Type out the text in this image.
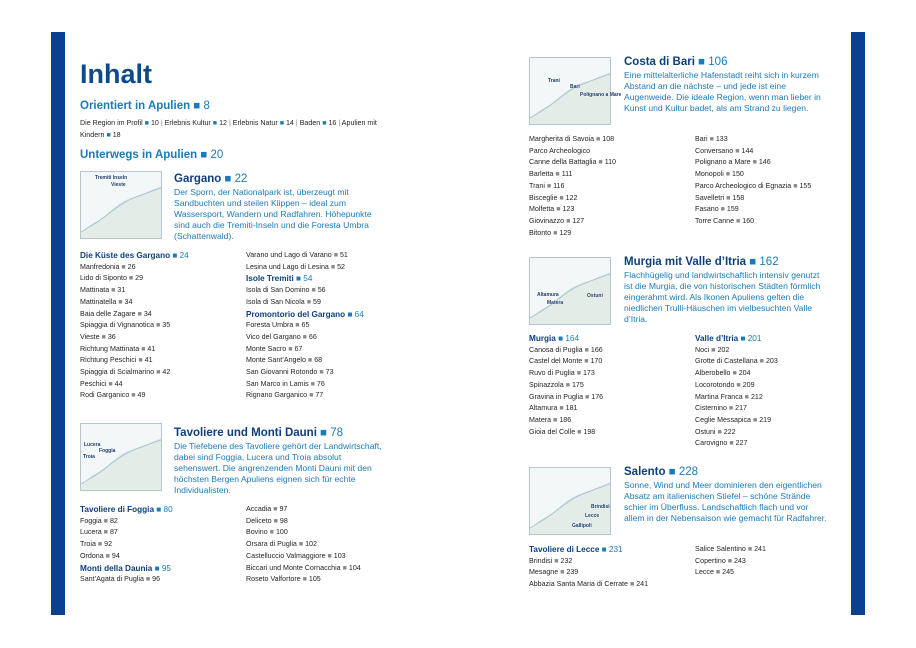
Inhalt
Orientiert in Apulien ■ 8
Die Region im Profil ■ 10 | Erlebnis Kultur ■ 12 | Erlebnis Natur ■ 14 | Baden ■ 16 | Apulien mit Kindern ■ 18
Unterwegs in Apulien ■ 20
Tremiti Inseln
Vieste	Gargano ■ 22
Der Sporn, der Nationalpark ist, überzeugt mit Sandbuchten und steilen Klippen – ideal zum Wassersport, Wandern und Radfahren. Höhepunkte sind auch die Tremiti-Inseln und die Foresta Umbra (Schattenwald).
Die Küste des Gargano ■ 24
Manfredonia ■ 26
Lido di Siponto ■ 29
Mattinata ■ 31
Mattinatella ■ 34
Baia delle Zagare ■ 34
Spiaggia di Vignanotica ■ 35
Vieste ■ 36
Richtung Mattinata ■ 41
Richtung Peschici ■ 41
Spiaggia di Scialmarino ■ 42
Peschici ■ 44
Rodi Garganico ■ 49
Varano und Lago di Varano ■ 51
Lesina und Lago di Lesina ■ 52
Isole Tremiti ■ 54
Isola di San Domino ■ 56
Isola di San Nicola ■ 59
Promontorio del Gargano ■ 64
Foresta Umbra ■ 65
Vico del Gargano ■ 66
Monte Sacro ■ 67
Monte Sant’Angelo ■ 68
San Giovanni Rotondo ■ 73
San Marco in Lamis ■ 76
Rignano Garganico ■ 77
Lucera
Foggia
Troia
Tavoliere und Monti Dauni ■ 78
Die Tiefebene des Tavoliere gehört der Landwirtschaft, dabei sind Foggia, Lucera und Troia absolut sehenswert. Die angrenzenden Monti Dauni mit den höchsten Bergen Apuliens eignen sich für echte Individualisten.
Tavoliere di Foggia ■ 80
Foggia ■ 82
Lucera ■ 87
Troia ■ 92
Ordona ■ 94
Monti della Daunia ■ 95
Sant’Agata di Puglia ■ 96
Accadia ■ 97
Deliceto ■ 98
Bovino ■ 100
Orsara di Puglia ■ 102
Castelluccio Valmaggiore ■ 103
Biccari und Monte Cornacchia ■ 104
Roseto Valfortore ■ 105
Trani
Bari
Polignano a Mare
Costa di Bari ■ 106
Eine mittelalterliche Hafenstadt reiht sich in kurzem Abstand an die nächste – und jede ist eine Augenweide. Die ideale Region, wenn man lieber in Kunst und Kultur badet, als am Strand zu liegen.
Margherita di Savoia ■ 108
Parco Archeologico
Canne della Battaglia ■ 110
Barletta ■ 111
Trani ■ 116
Bisceglie ■ 122
Molfetta ■ 123
Giovinazzo ■ 127
Bitonto ■ 129
Bari ■ 133
Conversano ■ 144
Polignano a Mare ■ 146
Monopoli ■ 150
Parco Archeologico di Egnazia ■ 155
Savelletri ■ 158
Fasano ■ 159
Torre Canne ■ 160
Altamura	Ostuni
Matera
Murgia mit Valle d’Itria ■ 162
Flachhügelig und landwirtschaftlich intensiv genutzt ist die Murgia, die von historischen Städten förmlich eingerahmt wird. Als Ikonen Apuliens gelten die niedlichen Trulli-Häuschen im vielbesuchten Valle d’Itria.
Murgia ■ 164
Canosa di Puglia ■ 166
Castel del Monte ■ 170
Ruvo di Puglia ■ 173
Spinazzola ■ 175
Gravina in Puglia ■ 176
Altamura ■ 181
Matera ■ 186
Gioia del Colle ■ 198
Valle d’Itria ■ 201
Noci ■ 202
Grotte di Castellana ■ 203
Alberobello ■ 204
Locorotondo ■ 209
Martina Franca ■ 212
Cisternino ■ 217
Ceglie Messapica ■ 219
Ostuni ■ 222
Carovigno ■ 227
Brindisi
Lecce
Gallipoli
Salento ■ 228
Sonne, Wind und Meer dominieren den eigentlichen Absatz am italienischen Stiefel – schöne Strände schier im Überfluss. Landschaftlich flach und vor allem in der Nebensaison wie gemacht für Radfahrer.
Tavoliere di Lecce ■ 231
Brindisi ■ 232
Mesagne ■ 239
Abbazia Santa Maria di Cerrate ■ 241
Salice Salentino ■ 241
Copertino ■ 243
Lecce ■ 245
